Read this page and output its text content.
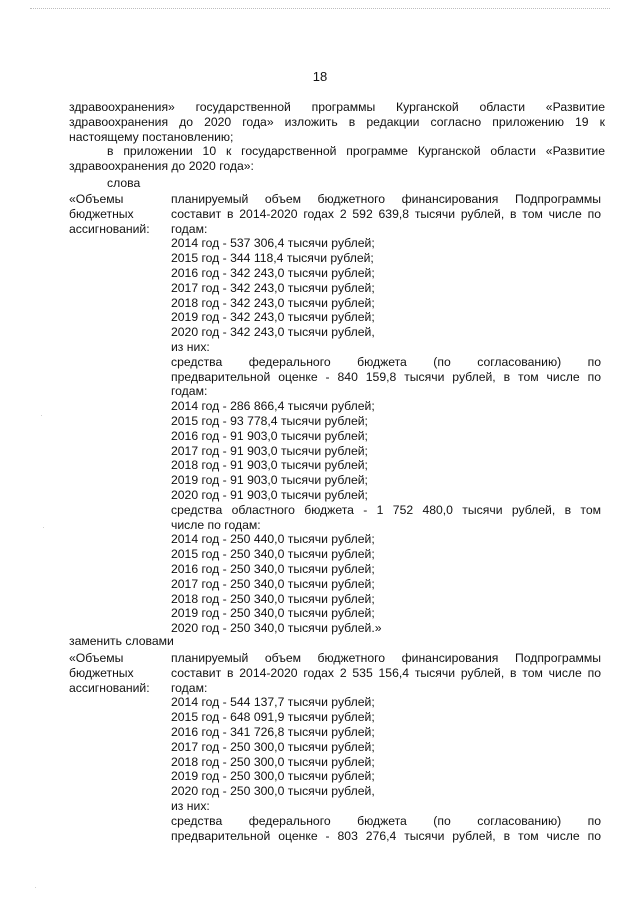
18
здравоохранения» государственной программы Курганской области «Развитие
здравоохранения до 2020 года» изложить в редакции согласно приложению 19 к
настоящему постановлению;
в приложении 10 к государственной программе Курганской области «Развитие
здравоохранения до 2020 года»:
слова
«Объемы
бюджетных
ассигнований:
планируемый объем бюджетного финансирования Подпрограммы
составит в 2014-2020 годах 2 592 639,8 тысячи рублей, в том числе по
годам:
2014 год - 537 306,4 тысячи рублей;
2015 год - 344 118,4 тысячи рублей;
2016 год - 342 243,0 тысячи рублей;
2017 год - 342 243,0 тысячи рублей;
2018 год - 342 243,0 тысячи рублей;
2019 год - 342 243,0 тысячи рублей;
2020 год - 342 243,0 тысячи рублей,
из них:
средства федерального бюджета (по согласованию) по
предварительной оценке - 840 159,8 тысячи рублей, в том числе по
годам:
2014 год - 286 866,4 тысячи рублей;
2015 год - 93 778,4 тысячи рублей;
2016 год - 91 903,0 тысячи рублей;
2017 год - 91 903,0 тысячи рублей;
2018 год - 91 903,0 тысячи рублей;
2019 год - 91 903,0 тысячи рублей;
2020 год - 91 903,0 тысячи рублей;
средства областного бюджета - 1 752 480,0 тысячи рублей, в том
числе по годам:
2014 год - 250 440,0 тысячи рублей;
2015 год - 250 340,0 тысячи рублей;
2016 год - 250 340,0 тысячи рублей;
2017 год - 250 340,0 тысячи рублей;
2018 год - 250 340,0 тысячи рублей;
2019 год - 250 340,0 тысячи рублей;
2020 год - 250 340,0 тысячи рублей.»
заменить словами
«Объемы
бюджетных
ассигнований:
планируемый объем бюджетного финансирования Подпрограммы
составит в 2014-2020 годах 2 535 156,4 тысячи рублей, в том числе по
годам:
2014 год - 544 137,7 тысячи рублей;
2015 год - 648 091,9 тысячи рублей;
2016 год - 341 726,8 тысячи рублей;
2017 год - 250 300,0 тысячи рублей;
2018 год - 250 300,0 тысячи рублей;
2019 год - 250 300,0 тысячи рублей;
2020 год - 250 300,0 тысячи рублей,
из них:
средства федерального бюджета (по согласованию) по
предварительной оценке - 803 276,4 тысячи рублей, в том числе по
·
·
·
